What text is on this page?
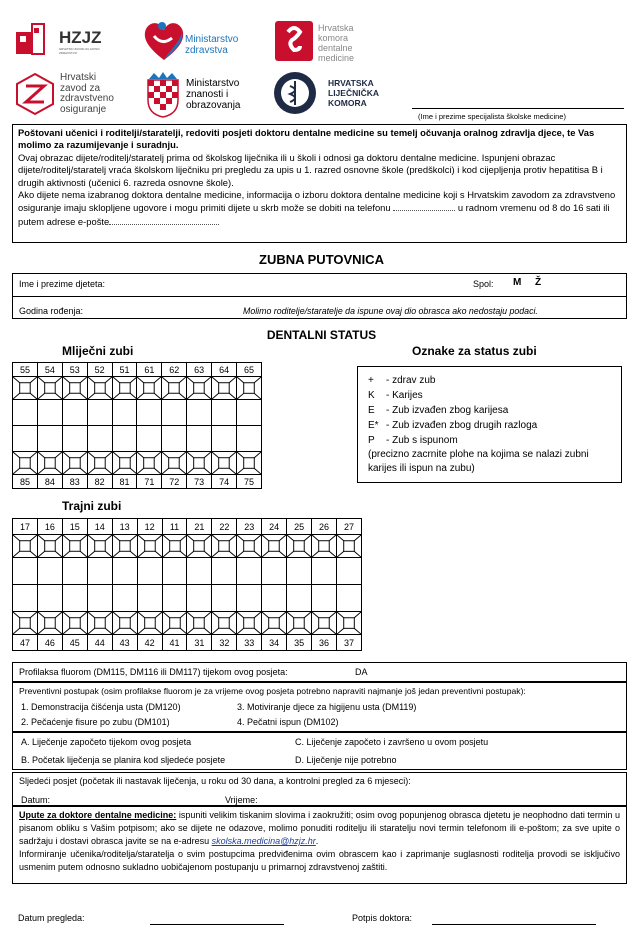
HZJZ
HRVATSKI ZAVOD ZA JAVNO ZDRAVSTVO
Ministarstvo
zdravstva
Hrvatska
komora
dentalne
medicine
Hrvatski
zavod za
zdravstveno
osiguranje
Ministarstvo
znanosti i
obrazovanja
HRVATSKA
LIJEČNIČKA
KOMORA
(Ime i prezime specijalista školske medicine)

Poštovani učenici i roditelji/staratelji, redoviti posjeti doktoru dentalne medicine su temelj očuvanja oralnog zdravlja djece, te Vas molimo za razumijevanje i suradnju.

Ovaj obrazac dijete/roditelj/staratelj prima od školskog liječnika ili u školi i odnosi ga doktoru dentalne medicine. Ispunjeni obrazac dijete/roditelj/staratelj vraća školskom liječniku pri pregledu za upis u 1. razred osnovne škole (predškolci) i kod cijepljenja protiv hepatitisa B i drugih aktivnosti (učenici 6. razreda osnovne škole).

Ako dijete nema izabranog doktora dentalne medicine, informacija o izboru doktora dentalne medicine koji s Hrvatskim zavodom za zdravstveno osiguranje imaju sklopljene ugovore i mogu primiti dijete u skrb može se dobiti na telefonu	u radnom vremenu od 8 do 16 sati ili putem adrese e-pošte

ZUBNA PUTOVNICA
Ime i prezime djeteta:	Spol: M Ž
Godina rođenja:	Molimo roditelje/staratelje da ispune ovaj dio obrasca ako nedostaju podaci.
DENTALNI STATUS
Mliječni zubi	Oznake za status zubi
55	54	53	52	51	61	62	63	64	65

85	84	83	82	81	71	72	73	74	75

+ - zdrav zub

K - Karijes

E - Zub izvađen zbog karijesa

E* - Zub izvađen zbog drugih razloga

P - Zub s ispunom

(precizno zacrnite plohe na kojima se nalazi zubni karijes ili ispun na zubu)

Trajni zubi
17	16	15	14	13	12	11	21	22	23	24	25	26	27

47	46	45	44	43	42	41	31	32	33	34	35	36	37
Profilaksa fluorom (DM115, DM116 ili DM117) tijekom ovog posjeta:	DA
Preventivni postupak (osim profilakse fluorom je za vrijeme ovog posjeta potrebno napraviti najmanje još jedan preventivni postupak):
1. Demonstracija čišćenja usta (DM120)	3. Motiviranje djece za higijenu usta (DM119)
2. Pečaćenje fisure po zubu (DM101)	4. Pečatni ispun (DM102)
A. Liječenje započeto tijekom ovog posjeta	C. Liječenje započeto i završeno u ovom posjetu
B. Početak liječenja se planira kod sljedeće posjete	D. Liječenje nije potrebno
Sljedeći posjet (početak ili nastavak liječenja, u roku od 30 dana, a kontrolni pregled za 6 mjeseci):
Datum:	Vrijeme:
Upute za doktore dentalne medicine: ispuniti velikim tiskanim slovima i zaokružiti; osim ovog popunjenog obrasca djetetu je neophodno dati termin u pisanom obliku s Vašim potpisom; ako se dijete ne odazove, molimo ponuditi roditelju ili staratelju novi termin telefonom ili e-poštom; za sve upite o sadržaju i dostavi obrasca javite se na e-adresu skolska.medicina@hzjz.hr.
Informiranje učenika/roditelja/staratelja o svim postupcima predviđenima ovim obrascem kao i zaprimanje suglasnosti roditelja provodi se isključivo usmenim putem odnosno sukladno uobičajenom postupanju u primarnoj zdravstvenoj zaštiti.
Datum pregleda:	Potpis doktora:
